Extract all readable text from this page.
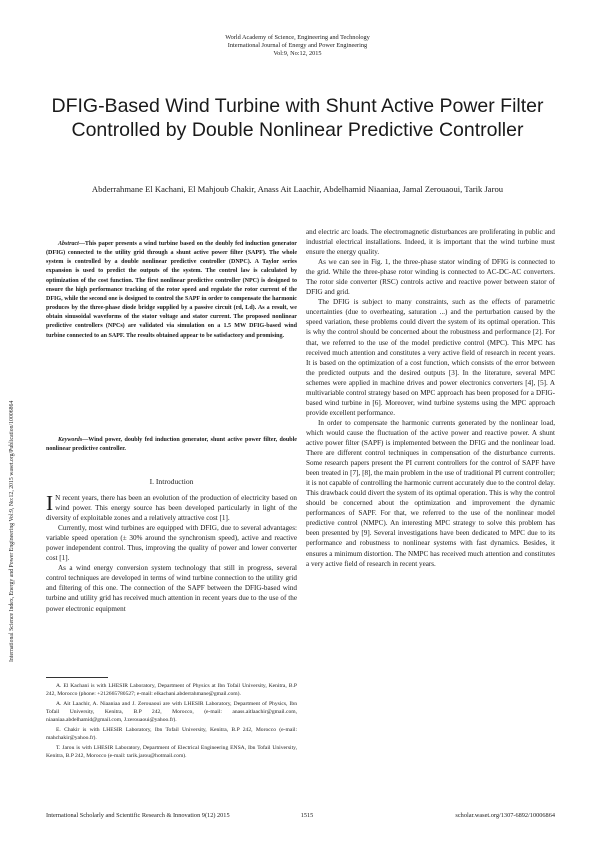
World Academy of Science, Engineering and Technology
International Journal of Energy and Power Engineering
Vol:9, No:12, 2015
DFIG-Based Wind Turbine with Shunt Active Power Filter Controlled by Double Nonlinear Predictive Controller
Abderrahmane El Kachani, El Mahjoub Chakir, Anass Ait Laachir, Abdelhamid Niaaniaa, Jamal Zerouaoui, Tarik Jarou
International Science Index, Energy and Power Engineering Vol:9, No:12, 2015 waset.org/Publication/10006864

Abstract—This paper presents a wind turbine based on the doubly fed induction generator (DFIG) connected to the utility grid through a shunt active power filter (SAPF). The whole system is controlled by a double nonlinear predictive controller (DNPC). A Taylor series expansion is used to predict the outputs of the system. The control law is calculated by optimization of the cost function. The first nonlinear predictive controller (NPC) is designed to ensure the high performance tracking of the rotor speed and regulate the rotor current of the DFIG, while the second one is designed to control the SAPF in order to compensate the harmonic produces by the three-phase diode bridge supplied by a passive circuit (rd, Ld). As a result, we obtain sinusoidal waveforms of the stator voltage and stator current. The proposed nonlinear predictive controllers (NPCs) are validated via simulation on a 1.5 MW DFIG-based wind turbine connected to an SAPF. The results obtained appear to be satisfactory and promising.

Keywords—Wind power, doubly fed induction generator, shunt active power filter, double nonlinear predictive controller.

I. Introduction

I N recent years, there has been an evolution of the production of electricity based on wind power. This energy source has been developed particularly in light of the diversity of exploitable zones and a relatively attractive cost [1].

Currently, most wind turbines are equipped with DFIG, due to several advantages: variable speed operation (± 30% around the synchronism speed), active and reactive power independent control. Thus, improving the quality of power and lower converter cost [1].

As a wind energy conversion system technology that still in progress, several control techniques are developed in terms of wind turbine connection to the utility grid and filtering of this one. The connection of the SAPF between the DFIG-based wind turbine and utility grid has received much attention in recent years due to the use of the power electronic equipment

A. El Kachani is with LHESIR Laboratory, Department of Physics at Ibn Tofail University, Kenitra, B.P 242, Morocco (phone: +212665780527; e-mail: elkachani.abderrahmane@gmail.com).

A. Ait Laachir, A. Niaaniaa and J. Zerouaoui are with LHESIR Laboratory, Department of Physics, Ibn Tofail University, Kenitra, B.P 242, Morocco, (e-mail: anass.aitlaachir@gmail.com, niaaniaa.abdelhamid@gmail.com, J.zerouaoui@yahoo.fr).

E. Chakir is with LHESIR Laboratory, Ibn Tofail University, Kenitra, B.P 242, Morocco (e-mail: mahchakir@yahoo.fr).

T. Jarou is with LHESIR Laboratory, Department of Electrical Engineering ENSA, Ibn Tofail University, Kenitra, B.P 242, Morocco (e-mail: tarik.jarou@hotmail.com).

and electric arc loads. The electromagnetic disturbances are proliferating in public and industrial electrical installations. Indeed, it is important that the wind turbine must ensure the energy quality.

As we can see in Fig. 1, the three-phase stator winding of DFIG is connected to the grid. While the three-phase rotor winding is connected to AC-DC-AC converters. The rotor side converter (RSC) controls active and reactive power between stator of DFIG and grid.

The DFIG is subject to many constraints, such as the effects of parametric uncertainties (due to overheating, saturation ...) and the perturbation caused by the speed variation, these problems could divert the system of its optimal operation. This is why the control should be concerned about the robustness and performance [2]. For that, we referred to the use of the model predictive control (MPC). This MPC has received much attention and constitutes a very active field of research in recent years. It is based on the optimization of a cost function, which consists of the error between the predicted outputs and the desired outputs [3]. In the literature, several MPC schemes were applied in machine drives and power electronics converters [4], [5]. A multivariable control strategy based on MPC approach has been proposed for a DFIG-based wind turbine in [6]. Moreover, wind turbine systems using the MPC approach provide excellent performance.

In order to compensate the harmonic currents generated by the nonlinear load, which would cause the fluctuation of the active power and reactive power. A shunt active power filter (SAPF) is implemented between the DFIG and the nonlinear load. There are different control techniques in compensation of the disturbance currents. Some research papers present the PI current controllers for the control of SAPF have been treated in [7], [8], the main problem in the use of traditional PI current controller; it is not capable of controlling the harmonic current accurately due to the control delay. This drawback could divert the system of its optimal operation. This is why the control should be concerned about the optimization and improvement the dynamic performances of SAPF. For that, we referred to the use of the nonlinear model predictive control (NMPC). An interesting MPC strategy to solve this problem has been presented by [9]. Several investigations have been dedicated to MPC due to its performance and robustness to nonlinear systems with fast dynamics. Besides, it ensures a minimum distortion. The NMPC has received much attention and constitutes a very active field of research in recent years.

International Scholarly and Scientific Research & Innovation 9(12) 2015	1515	scholar.waset.org/1307-6892/10006864
